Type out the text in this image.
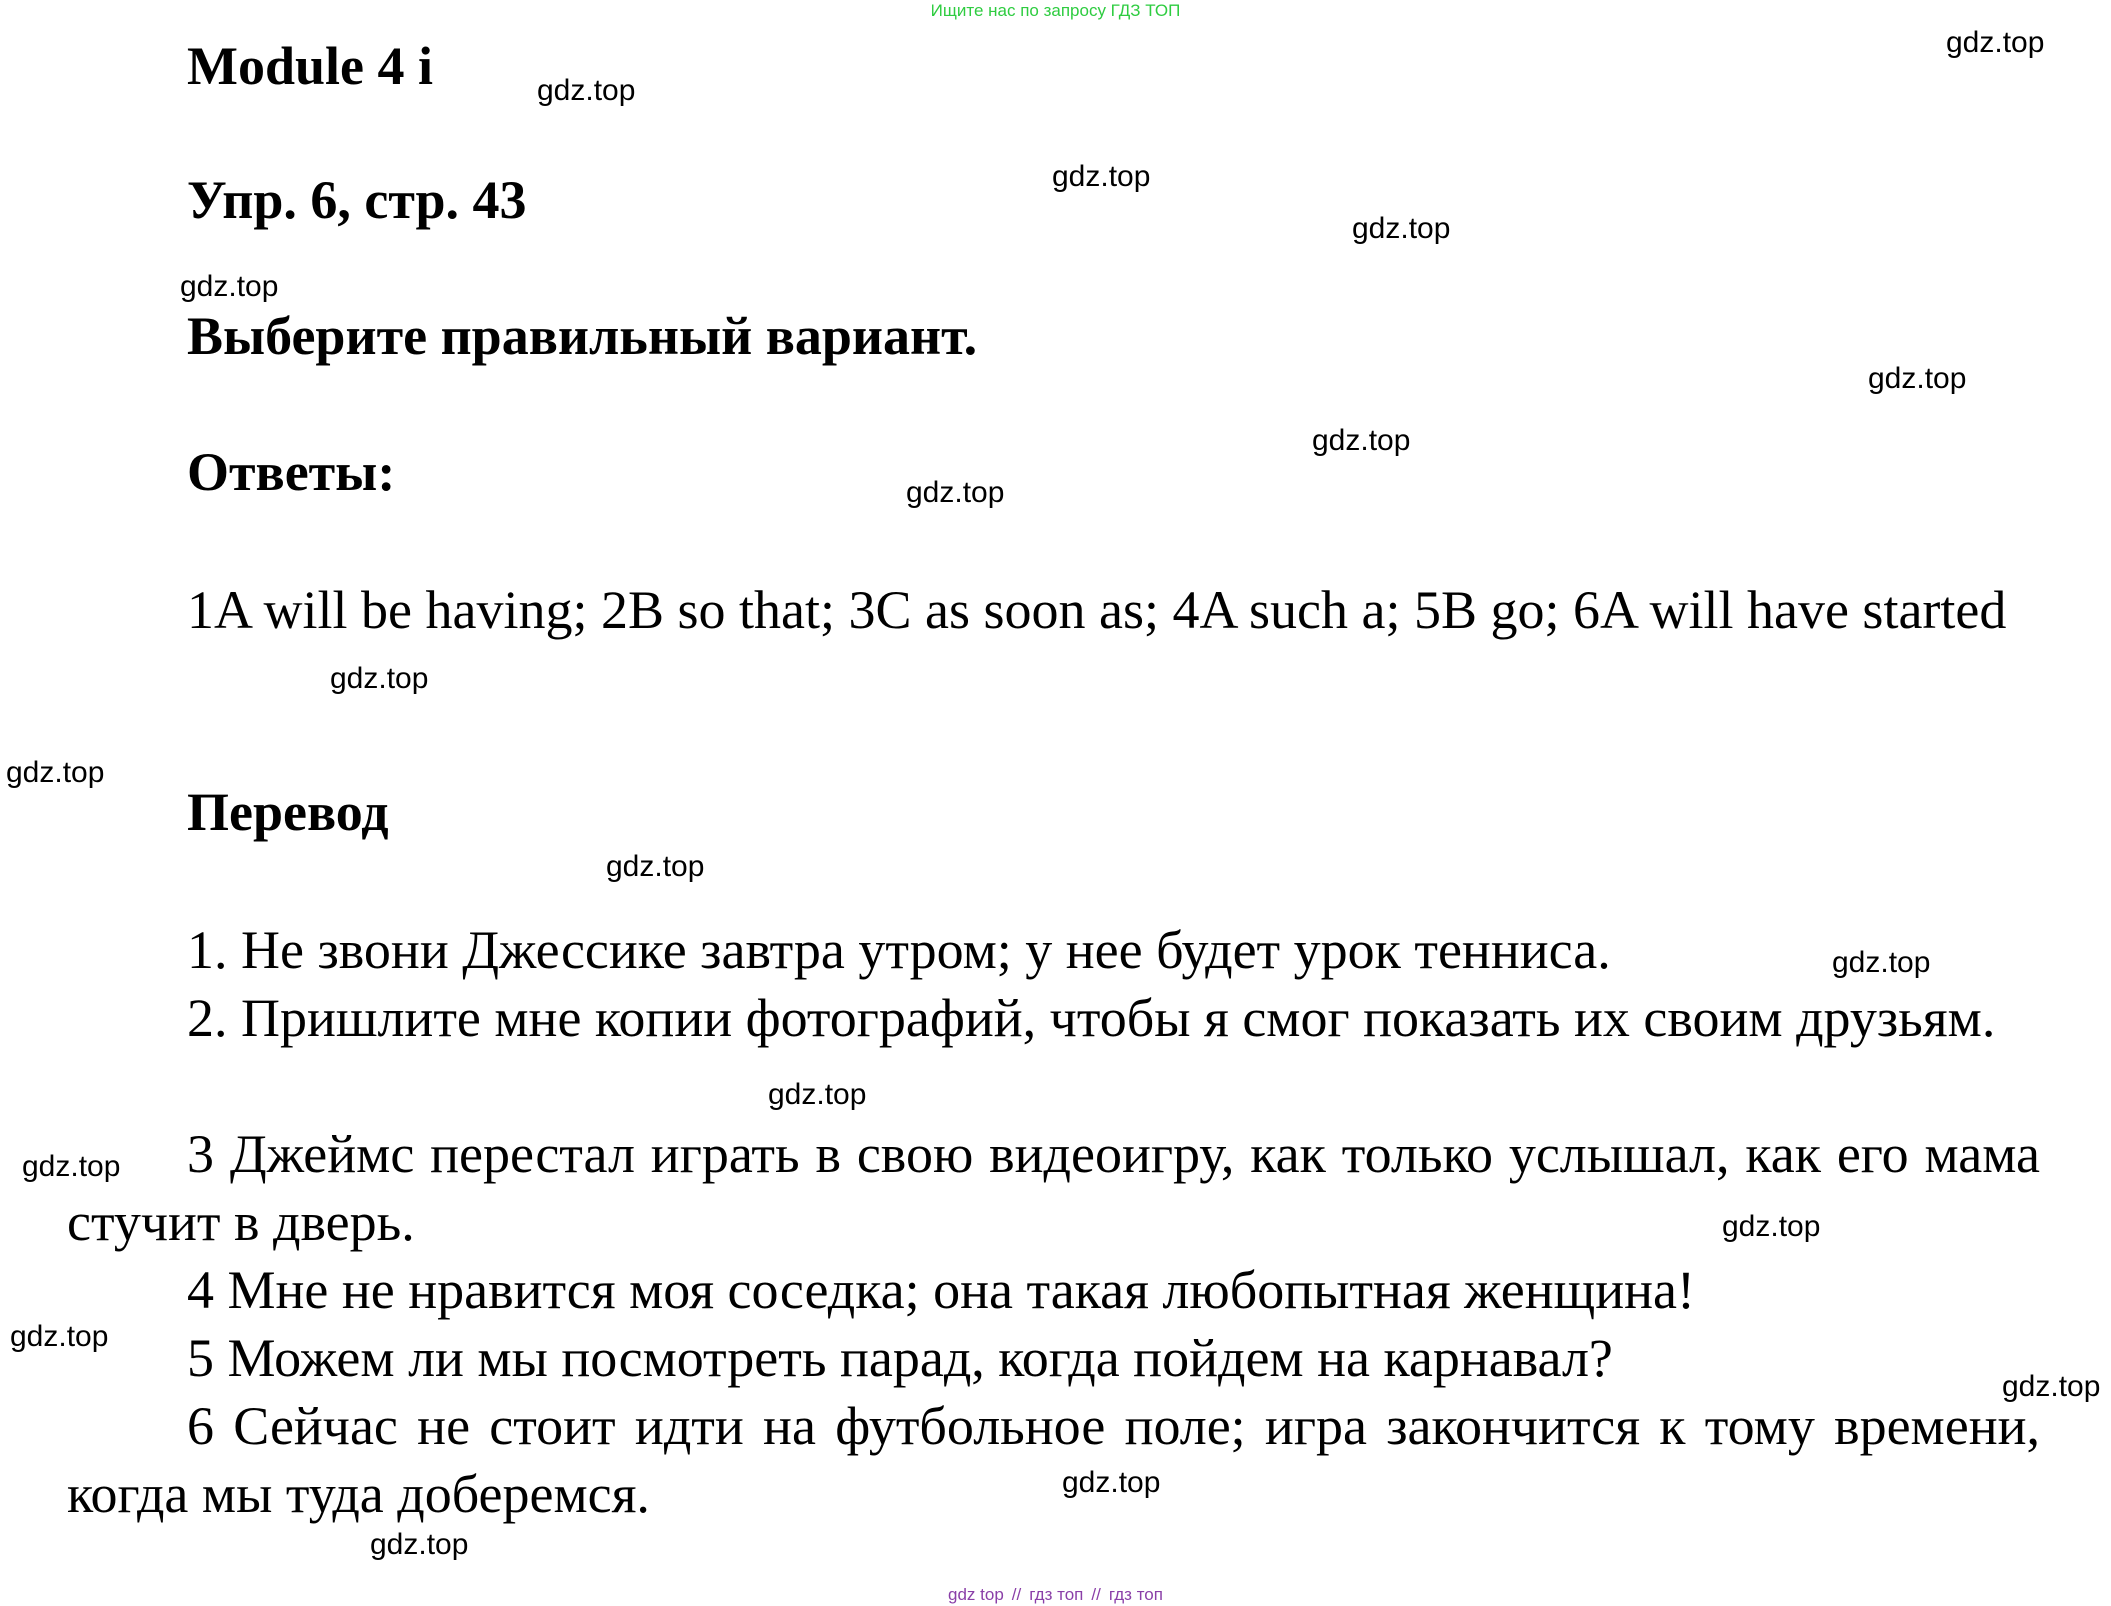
Ищите нас по запросу ГДЗ ТОП
Module 4 i
Упр. 6, стр. 43
Выберите правильный вариант.
Ответы:
1A will be having; 2B so that; 3C as soon as; 4A such a; 5B go; 6A will have started
Перевод
1. Не звони Джессике завтра утром; у нее будет урок тенниса.
2. Пришлите мне копии фотографий, чтобы я смог показать их своим друзьям.
3 Джеймс перестал играть в свою видеоигру, как только услышал, как его мама стучит в дверь.
4 Мне не нравится моя соседка; она такая любопытная женщина!
5 Можем ли мы посмотреть парад, когда пойдем на карнавал?
6 Сейчас не стоит идти на футбольное поле; игра закончится к тому времени, когда мы туда доберемся.
gdz.top
gdz.top
gdz.top
gdz.top
gdz.top
gdz.top
gdz.top
gdz.top
gdz.top
gdz.top
gdz.top
gdz.top
gdz.top
gdz.top
gdz.top
gdz.top
gdz.top
gdz.top
gdz.top
gdz top // гдз топ // гдз топ
